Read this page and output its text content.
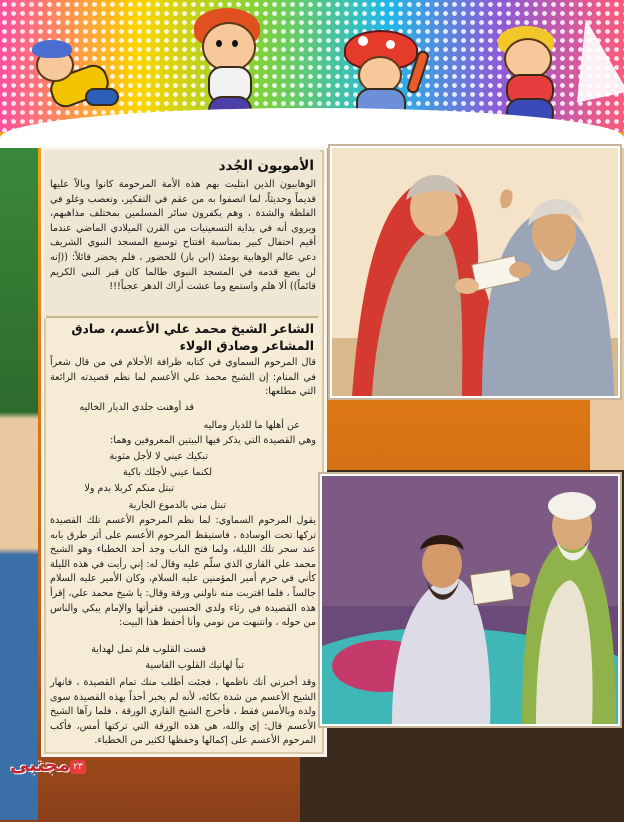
الأمويون الجُدد
الوهابيون الذين ابتليت بهم هذه الأمة المرحومة كانوا وبالاً عليها قديماً وحديثاً، لما اتصفوا به من عقم في التفكير، وتعصب وغلو في الفلظة والشدة ، وهم يكفرون سائر المسلمين بمختلف مذاهبهم، ويروى أنه في بداية التسعينيات من القرن الميلادي الماضي عندما أقيم احتفال كبير بمناسبة افتتاح توسيع المسجد النبوي الشريف دعي عالم الوهابية يومئذ (ابن باز) للحضور ، فلم يحضر قائلاً: ((إنه لن يضع قدمه في المسجد النبوي طالما كان قبر النبي الكريم قائماً)) ألا هلم واستمع وما عشت أراك الدهر عجباً!!!
الشاعر الشيخ محمد علي الأعسم، صادق المشاعر وصادق الولاء
قال المرحوم السماوي في كتابه ظرافة الأحلام في من قال شعراً في المنام: إن الشيخ محمد علي الأعسم لما نظم قصيدته الرائعة التي مطلعها:
قد أوهنت جلدي الديار الخاليه
عن أهلها ما للديار وماليه
وهي القصيدة التي يذكر فيها البيتين المعروفين وهما:
تبكيك عيني لا لأجل مثوبة
لكنما عيني لأجلك باكية
تبتل منكم كربلا بدم ولا
تبتل مني بالدموع الجارية
يقول المرحوم السماوي: لما نظم المرحوم الأعسم تلك القصيدة تركها تحت الوسادة ، فاستيقظ المرحوم الأعسم على أثر طرق بابه عند سحر تلك الليلة، ولما فتح الباب وجد أحد الخطباء وهو الشيخ محمد علي القاري الذي سلّم عليه وقال له: إني رأيت في هذه الليلة كأني في حرم أمير المؤمنين عليه السلام، وكان الأمير عليه السلام جالساً ، فلما اقتربت منه ناولني ورقة وقال: يا شيخ محمد علي، إقرأ هذه القصيدة في رثاء ولدي الحسين، فقرأتها والإمام يبكي والناس من حوله ، وانتبهت من نومي وأنا أحفظ هذا البيت:
قست القلوب فلم تمل لهداية
تباً لهاتيك القلوب القاسية
وقد أخبرني أنك ناظمها ، فجئت أطلب منك تمام القصيدة ، فانهار الشيخ الأعسم من شدة بكائه، لأنه لم يخبر أحداً بهذه القصيدة سوى ولده وبالأمس فقط ، فأخرج الشيخ القاري الورقة ، فلما رآها الشيخ الأعسم قال: إي والله، هي هذه الورقة التي تركتها أمس، فأكب المرحوم الأعسم على إكمالها وحفظها لكثير من الخطباء.
مجتبى ٢٣
